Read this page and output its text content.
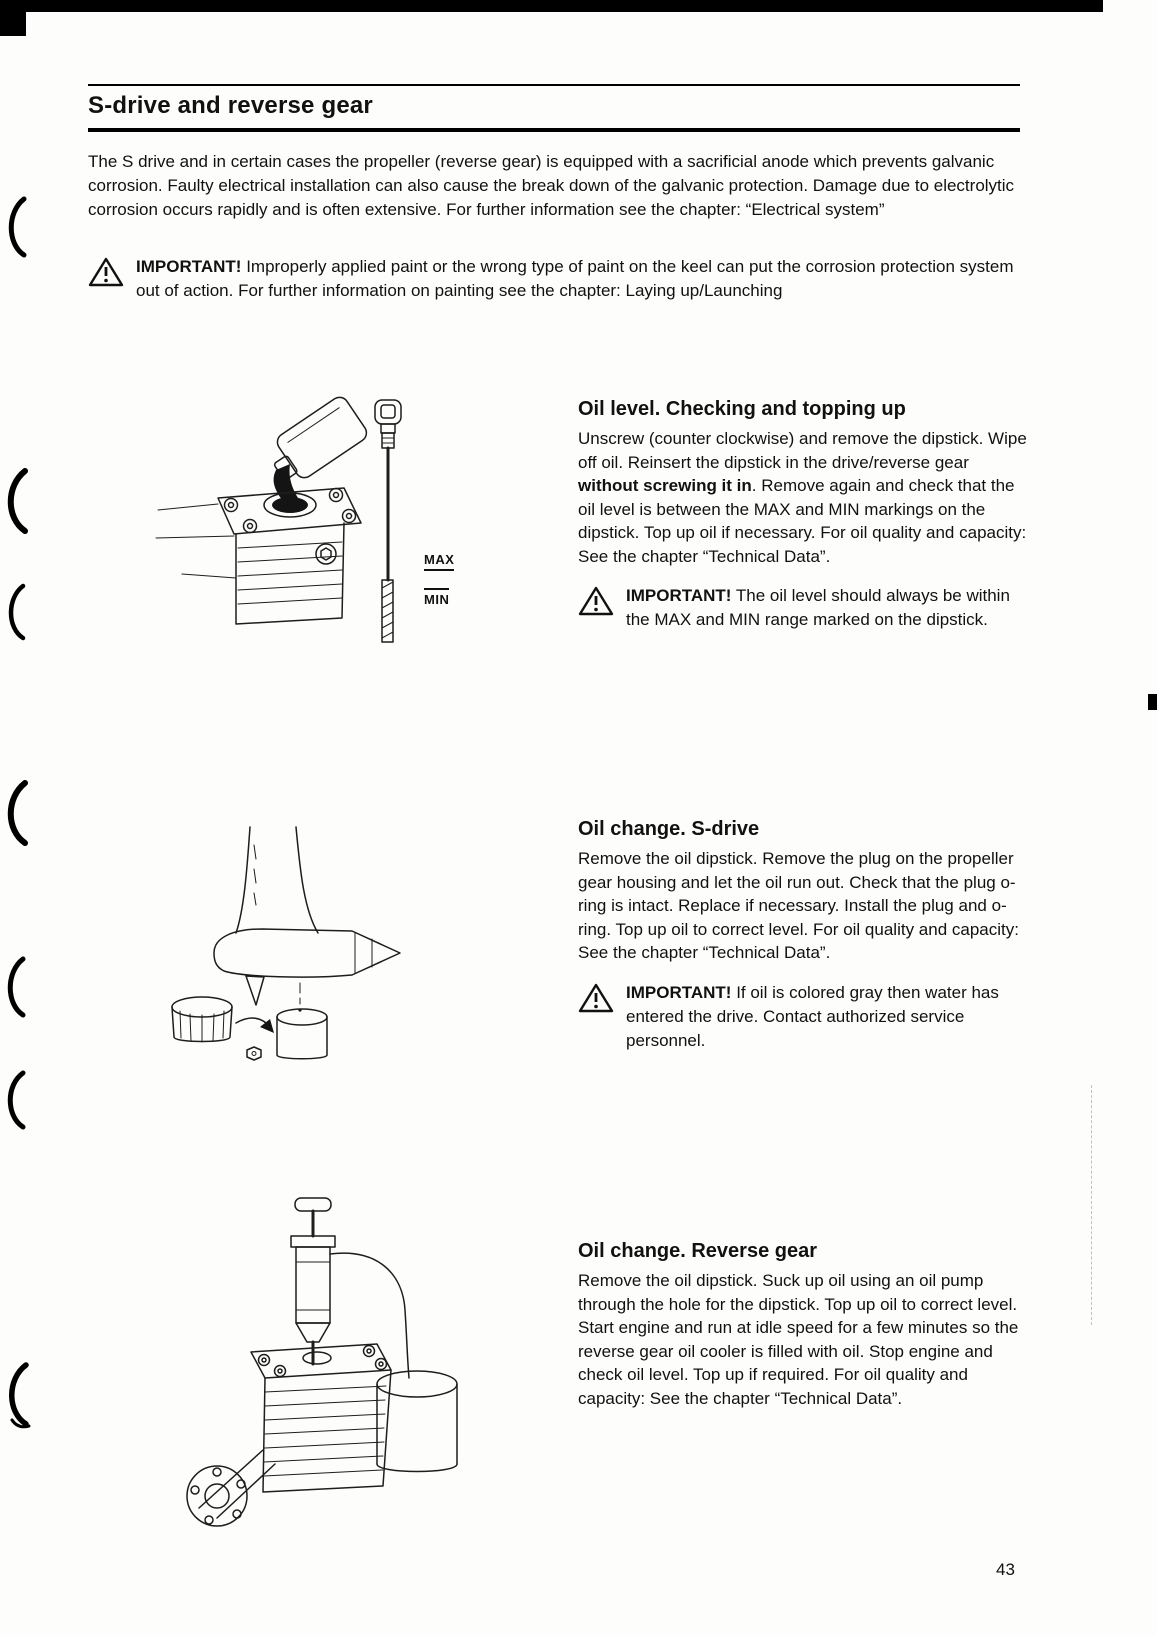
S-drive and reverse gear

The S drive and in certain cases the propeller (reverse gear) is equipped with a sacrificial anode which prevents galvanic corrosion. Faulty electrical installation can also cause the break down of the galvanic protection. Damage due to electrolytic corrosion occurs rapidly and is often extensive. For further information see the chapter: “Electrical system”

IMPORTANT! Improperly applied paint or the wrong type of paint on the keel can put the corrosion protection system out of action. For further information on painting see the chapter: Laying up/Launching
MAX
MIN
Oil level. Checking and topping up

Unscrew (counter clockwise) and remove the dipstick. Wipe off oil. Reinsert the dipstick in the drive/reverse gear without screwing it in. Remove again and check that the oil level is between the MAX and MIN markings on the dipstick. Top up oil if necessary. For oil quality and capacity: See the chapter “Technical Data”.

IMPORTANT! The oil level should always be within the MAX and MIN range marked on the dipstick.
Oil change. S-drive

Remove the oil dipstick. Remove the plug on the propeller gear housing and let the oil run out. Check that the plug o-ring is intact. Replace if necessary. Install the plug and o-ring. Top up oil to correct level. For oil quality and capacity: See the chapter “Technical Data”.

IMPORTANT! If oil is colored gray then water has entered the drive. Contact authorized service personnel.
Oil change. Reverse gear

Remove the oil dipstick. Suck up oil using an oil pump through the hole for the dipstick. Top up oil to correct level. Start engine and run at idle speed for a few minutes so the reverse gear oil cooler is filled with oil. Stop engine and check oil level. Top up if required. For oil quality and capacity: See the chapter “Technical Data”.

43
